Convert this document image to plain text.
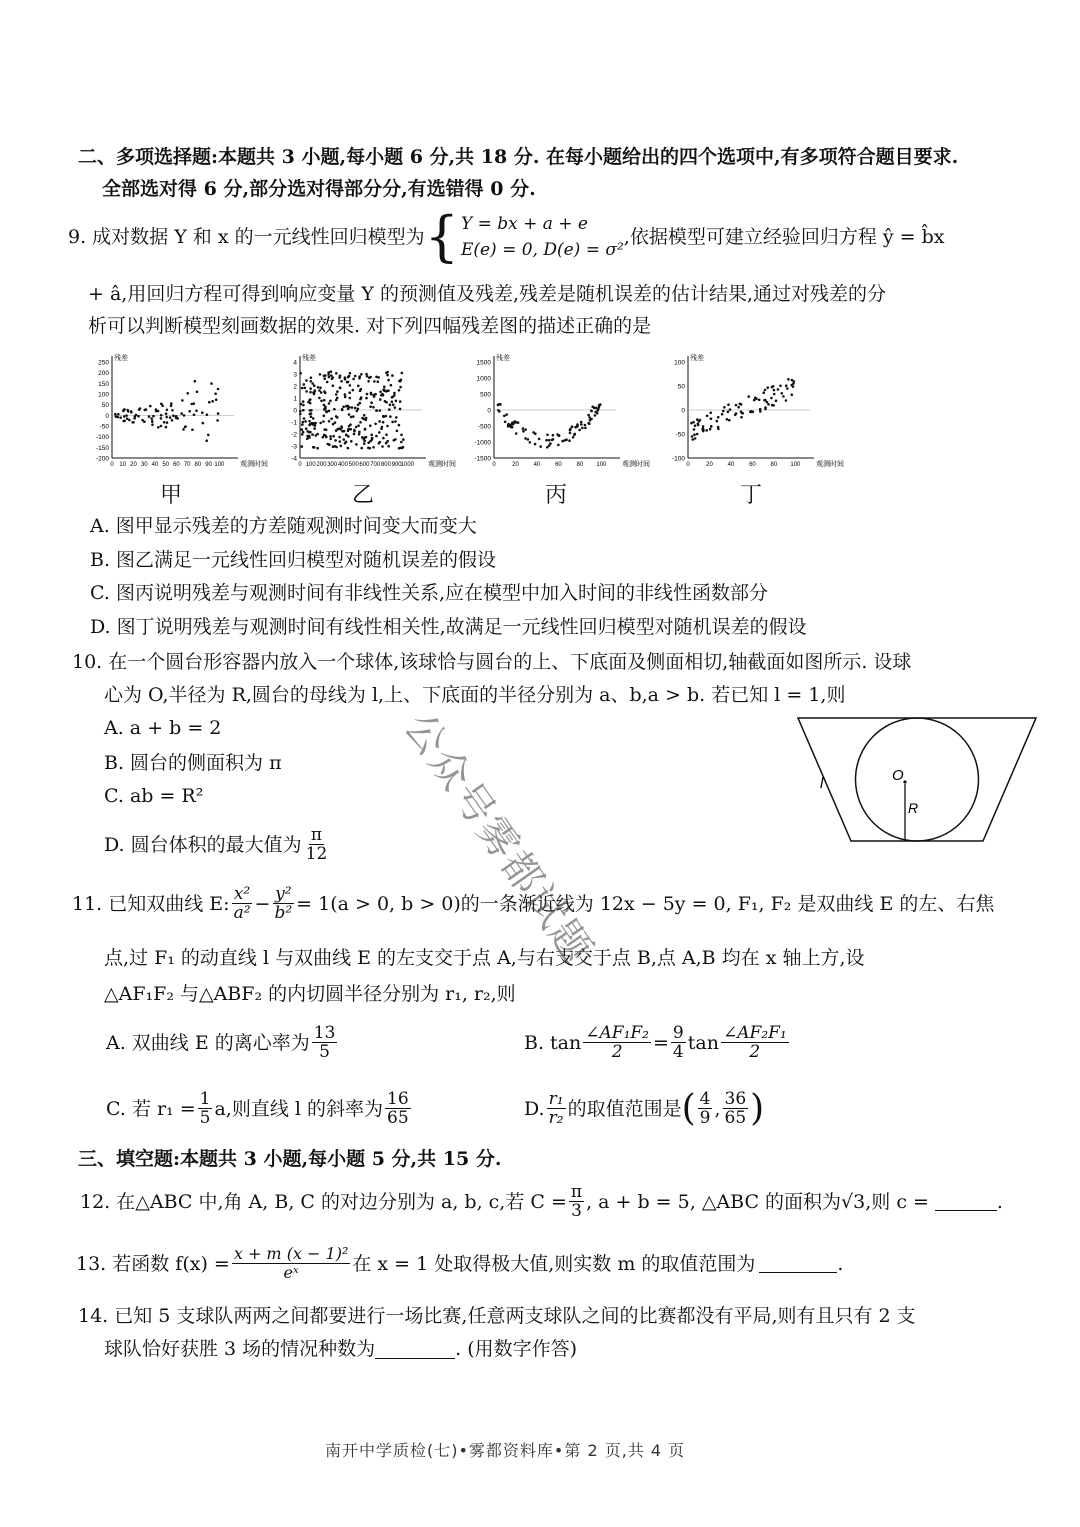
二、多项选择题:本题共 3 小题,每小题 6 分,共 18 分. 在每小题给出的四个选项中,有多项符合题目要求.
全部选对得 6 分,部分选对得部分分,有选错得 0 分.
9. 成对数据 Y 和 x 的一元线性回归模型为 { Y = bx + a + e
E(e) = 0, D(e) = σ²
,依据模型可建立经验回归方程 ŷ = b̂x
+ â,用回归方程可得到响应变量 Y 的预测值及残差,残差是随机误差的估计结果,通过对残差的分
析可以判断模型刻画数据的效果. 对下列四幅残差图的描述正确的是
250
200
150
100
50
0
-50
-100
-150
-200
0 10 20 30 40 50 60 70 80 90 100
残差
观测时间
4
3
2
1
0
-1
-2
-3
-4
0 100 200 300 400 500 600 700 800 900 1000
残差
观测时间
1500
1000
500
0
-500
-1000
-1500
0	20 40 60 80 100
残差
观测时间
100
50
0
-50
-100
0	20 40 60 80 100
残差
观测时间
甲	乙	丙	丁
A. 图甲显示残差的方差随观测时间变大而变大
B. 图乙满足一元线性回归模型对随机误差的假设
C. 图丙说明残差与观测时间有非线性关系,应在模型中加入时间的非线性函数部分
D. 图丁说明残差与观测时间有线性相关性,故满足一元线性回归模型对随机误差的假设
10. 在一个圆台形容器内放入一个球体,该球恰与圆台的上、下底面及侧面相切,轴截面如图所示. 设球
心为 O,半径为 R,圆台的母线为 l,上、下底面的半径分别为 a、b,a > b. 若已知 l = 1,则
A. a + b = 2
B. 圆台的侧面积为 π
C. ab = R²
D. 圆台体积的最大值为 $\frac{\pi}{12}$
O
R
l
11. 已知双曲线 E: $\frac{\text{x²}}{\text{a²}} - \frac{\text{y²}}{\text{b²}} = 1(a > 0$, b > 0)的一条渐近线为 12x − 5y = 0, F₁, F₂ 是双曲线 E 的左、右焦
点,过 F₁ 的动直线 l 与双曲线 E 的左支交于点 A,与右支交于点 B,点 A,B 均在 x 轴上方,设
△AF₁F₂ 与△ABF₂ 的内切圆半径分别为 r₁, r₂,则
A. 双曲线 E 的离心率为 $\frac{13}{5}$	B. $\tan \frac{\text{∠AF₁F₂}}{2} = \frac{9}{4}$ $\tan \frac{\text{∠AF₂F₁}}{2}$
C. 若 $r_1 = \frac{1}{5} a$,则直线 l 的斜率为 $\frac{16}{65}$	D. $\frac{\text{r₁}}{\text{r₂}}$ 的取值范围是 ( $\frac{4}{9}$ , $\frac{36}{65}$ )
三、填空题:本题共 3 小题,每小题 5 分,共 15 分.
12. 在△ABC 中,角 A, B, C 的对边分别为 a, b, c,若 $C = \frac{\pi}{3}$ , a + b = 5, △ABC 的面积为√3,则 c =	.
13. 若函数 $f(x) = \frac{\text{x + m (x − 1)²}}{\text{eˣ}}$ 在 x = 1 处取得极大值,则实数 m 的取值范围为	.
14. 已知 5 支球队两两之间都要进行一场比赛,任意两支球队之间的比赛都没有平局,则有且只有 2 支
球队恰好获胜 3 场的情况种数为	. (用数字作答)
公众号雾都试题
南开中学质检(七)•雾都资料库•第 2 页,共 4 页
